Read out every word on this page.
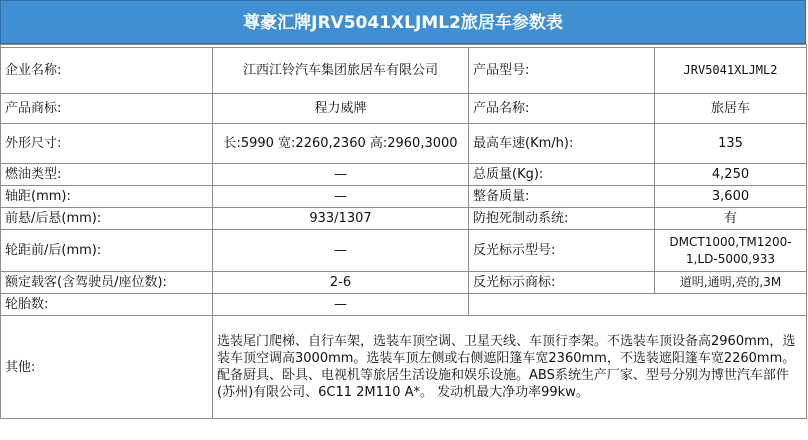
尊豪汇牌JRV5041XLJML2旅居车参数表

企业名称:	江西江铃汽车集团旅居车有限公司	产品型号:	JRV5041XLJML2
产品商标:	程力威牌	产品名称:	旅居车
外形尺寸:	长:5990 宽:2260,2360 高:2960,3000	最高车速(Km/h):	135
燃油类型:	—	总质量(Kg):	4,250
轴距(mm):	—	整备质量:	3,600
前悬/后悬(mm):	933/1307	防抱死制动系统:	有
轮距前/后(mm):	—	反光标示型号:	DMCT1000,TM1200-1,LD-5000,933
额定载客(含驾驶员/座位数):	2-6	反光标示商标:	道明,通明,亮的,3M
轮胎数:	—		
其他:	选装尾门爬梯、自行车架，选装车顶空调、卫星天线、车顶行李架。不选装车顶设备高2960mm，选装车顶空调高3000mm。选装车顶左侧或右侧遮阳篷车宽2360mm，不选装遮阳篷车宽2260mm。配备厨具、卧具、电视机等旅居生活设施和娱乐设施。ABS系统生产厂家、型号分别为博世汽车部件(苏州)有限公司、6C11 2M110 A*。 发动机最大净功率99kw。		
